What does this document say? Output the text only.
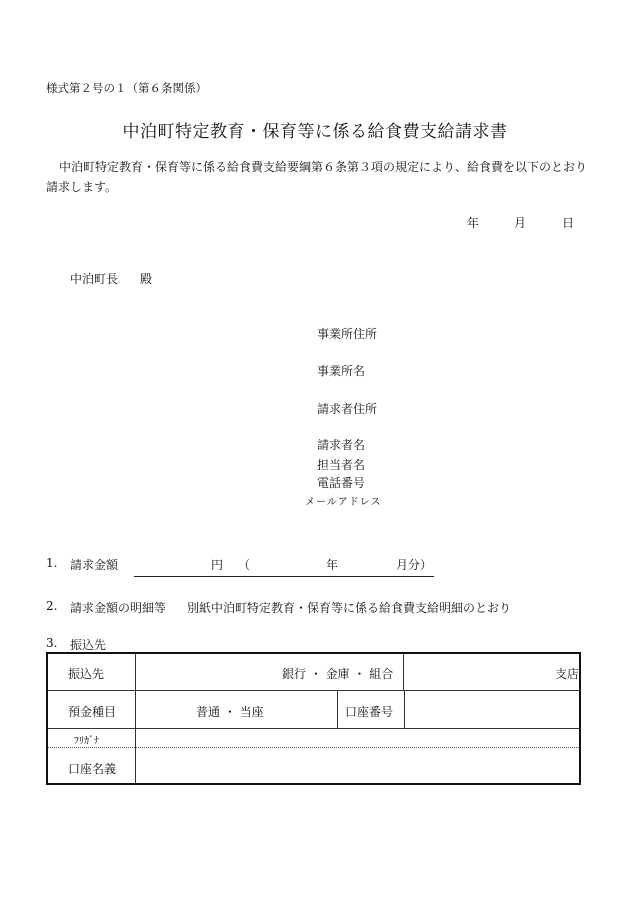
様式第２号の１（第６条関係）
中泊町特定教育・保育等に係る給食費支給請求書
中泊町特定教育・保育等に係る給食費支給要綱第６条第３項の規定により、給食費を以下のとおり請求します。
年	月	日
中泊町長 殿
事業所住所
事業所名
請求者住所
請求者名
担当者名
電話番号
メールアドレス
1. 請求金額	円 （	年	月分）
2. 請求金額の明細等 別紙中泊町特定教育・保育等に係る給食費支給明細のとおり
3. 振込先
振込先	銀行 ・ 金庫 ・ 組合	支店
預金種目	普通 ・ 当座	口座番号
ﾌﾘｶﾞﾅ
口座名義
